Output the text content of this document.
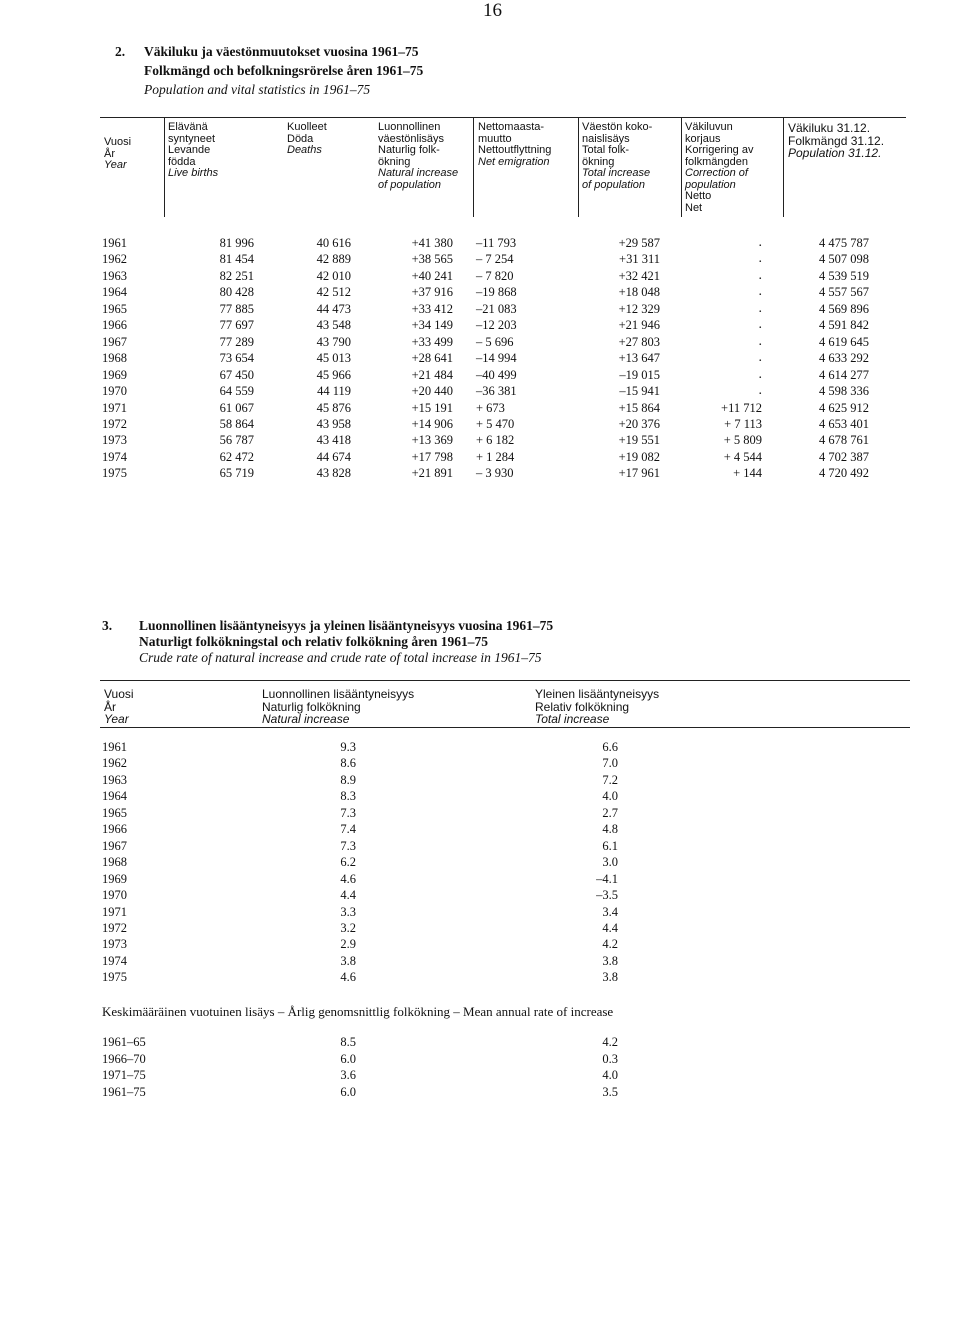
16
2. Väkiluku ja väestönmuutokset vuosina 1961–75
Folkmängd och befolkningsrörelse åren 1961–75
Population and vital statistics in 1961–75
Vuosi
År
Year
Elävänä
syntyneet
Levande
födda
Live births
Kuolleet
Döda
Deaths
Luonnollinen
väestönlisäys
Naturlig folk-
ökning
Natural increase
of population
Nettomaasta-
muutto
Nettoutflyttning
Net emigration
Väestön koko-
naislisäys
Total folk-
ökning
Total increase
of population
Väkiluvun
korjaus
Korrigering av
folkmängden
Correction of
population
Netto
Net
Väkiluku 31.12.
Folkmängd 31.12.
Population 31.12.
1961	81 996	40 616	+41 380 –11 793	+29 587	.	4 475 787
1962	81 454	42 889	+38 565 – 7 254	+31 311	.	4 507 098
1963	82 251	42 010	+40 241 – 7 820	+32 421	.	4 539 519
1964	80 428	42 512	+37 916 –19 868	+18 048	.	4 557 567
1965	77 885	44 473	+33 412 –21 083	+12 329	.	4 569 896
1966	77 697	43 548	+34 149 –12 203	+21 946	.	4 591 842
1967	77 289	43 790	+33 499 – 5 696	+27 803	.	4 619 645
1968	73 654	45 013	+28 641 –14 994	+13 647	.	4 633 292
1969	67 450	45 966	+21 484 –40 499	–19 015	.	4 614 277
1970	64 559	44 119	+20 440 –36 381	–15 941	.	4 598 336
1971	61 067	45 876	+15 191 + 673	+15 864	+11 712	4 625 912
1972	58 864	43 958	+14 906 + 5 470	+20 376	+ 7 113	4 653 401
1973	56 787	43 418	+13 369 + 6 182	+19 551	+ 5 809	4 678 761
1974	62 472	44 674	+17 798 + 1 284	+19 082	+ 4 544	4 702 387
1975	65 719	43 828	+21 891 – 3 930	+17 961	+ 144	4 720 492
3. Luonnollinen lisääntyneisyys ja yleinen lisääntyneisyys vuosina 1961–75
Naturligt folkökningstal och relativ folkökning åren 1961–75
Crude rate of natural increase and crude rate of total increase in 1961–75
Vuosi
År
Year
Luonnollinen lisääntyneisyys
Naturlig folkökning
Natural increase
Yleinen lisääntyneisyys
Relativ folkökning
Total increase
1961	9.3	6.6
1962	8.6	7.0
1963	8.9	7.2
1964	8.3	4.0
1965	7.3	2.7
1966	7.4	4.8
1967	7.3	6.1
1968	6.2	3.0
1969	4.6	–4.1
1970	4.4	–3.5
1971	3.3	3.4
1972	3.2	4.4
1973	2.9	4.2
1974	3.8	3.8
1975	4.6	3.8
Keskimääräinen vuotuinen lisäys – Årlig genomsnittlig folkökning – Mean annual rate of increase
1961–65	8.5	4.2
1966–70	6.0	0.3
1971–75	3.6	4.0
1961–75	6.0	3.5
